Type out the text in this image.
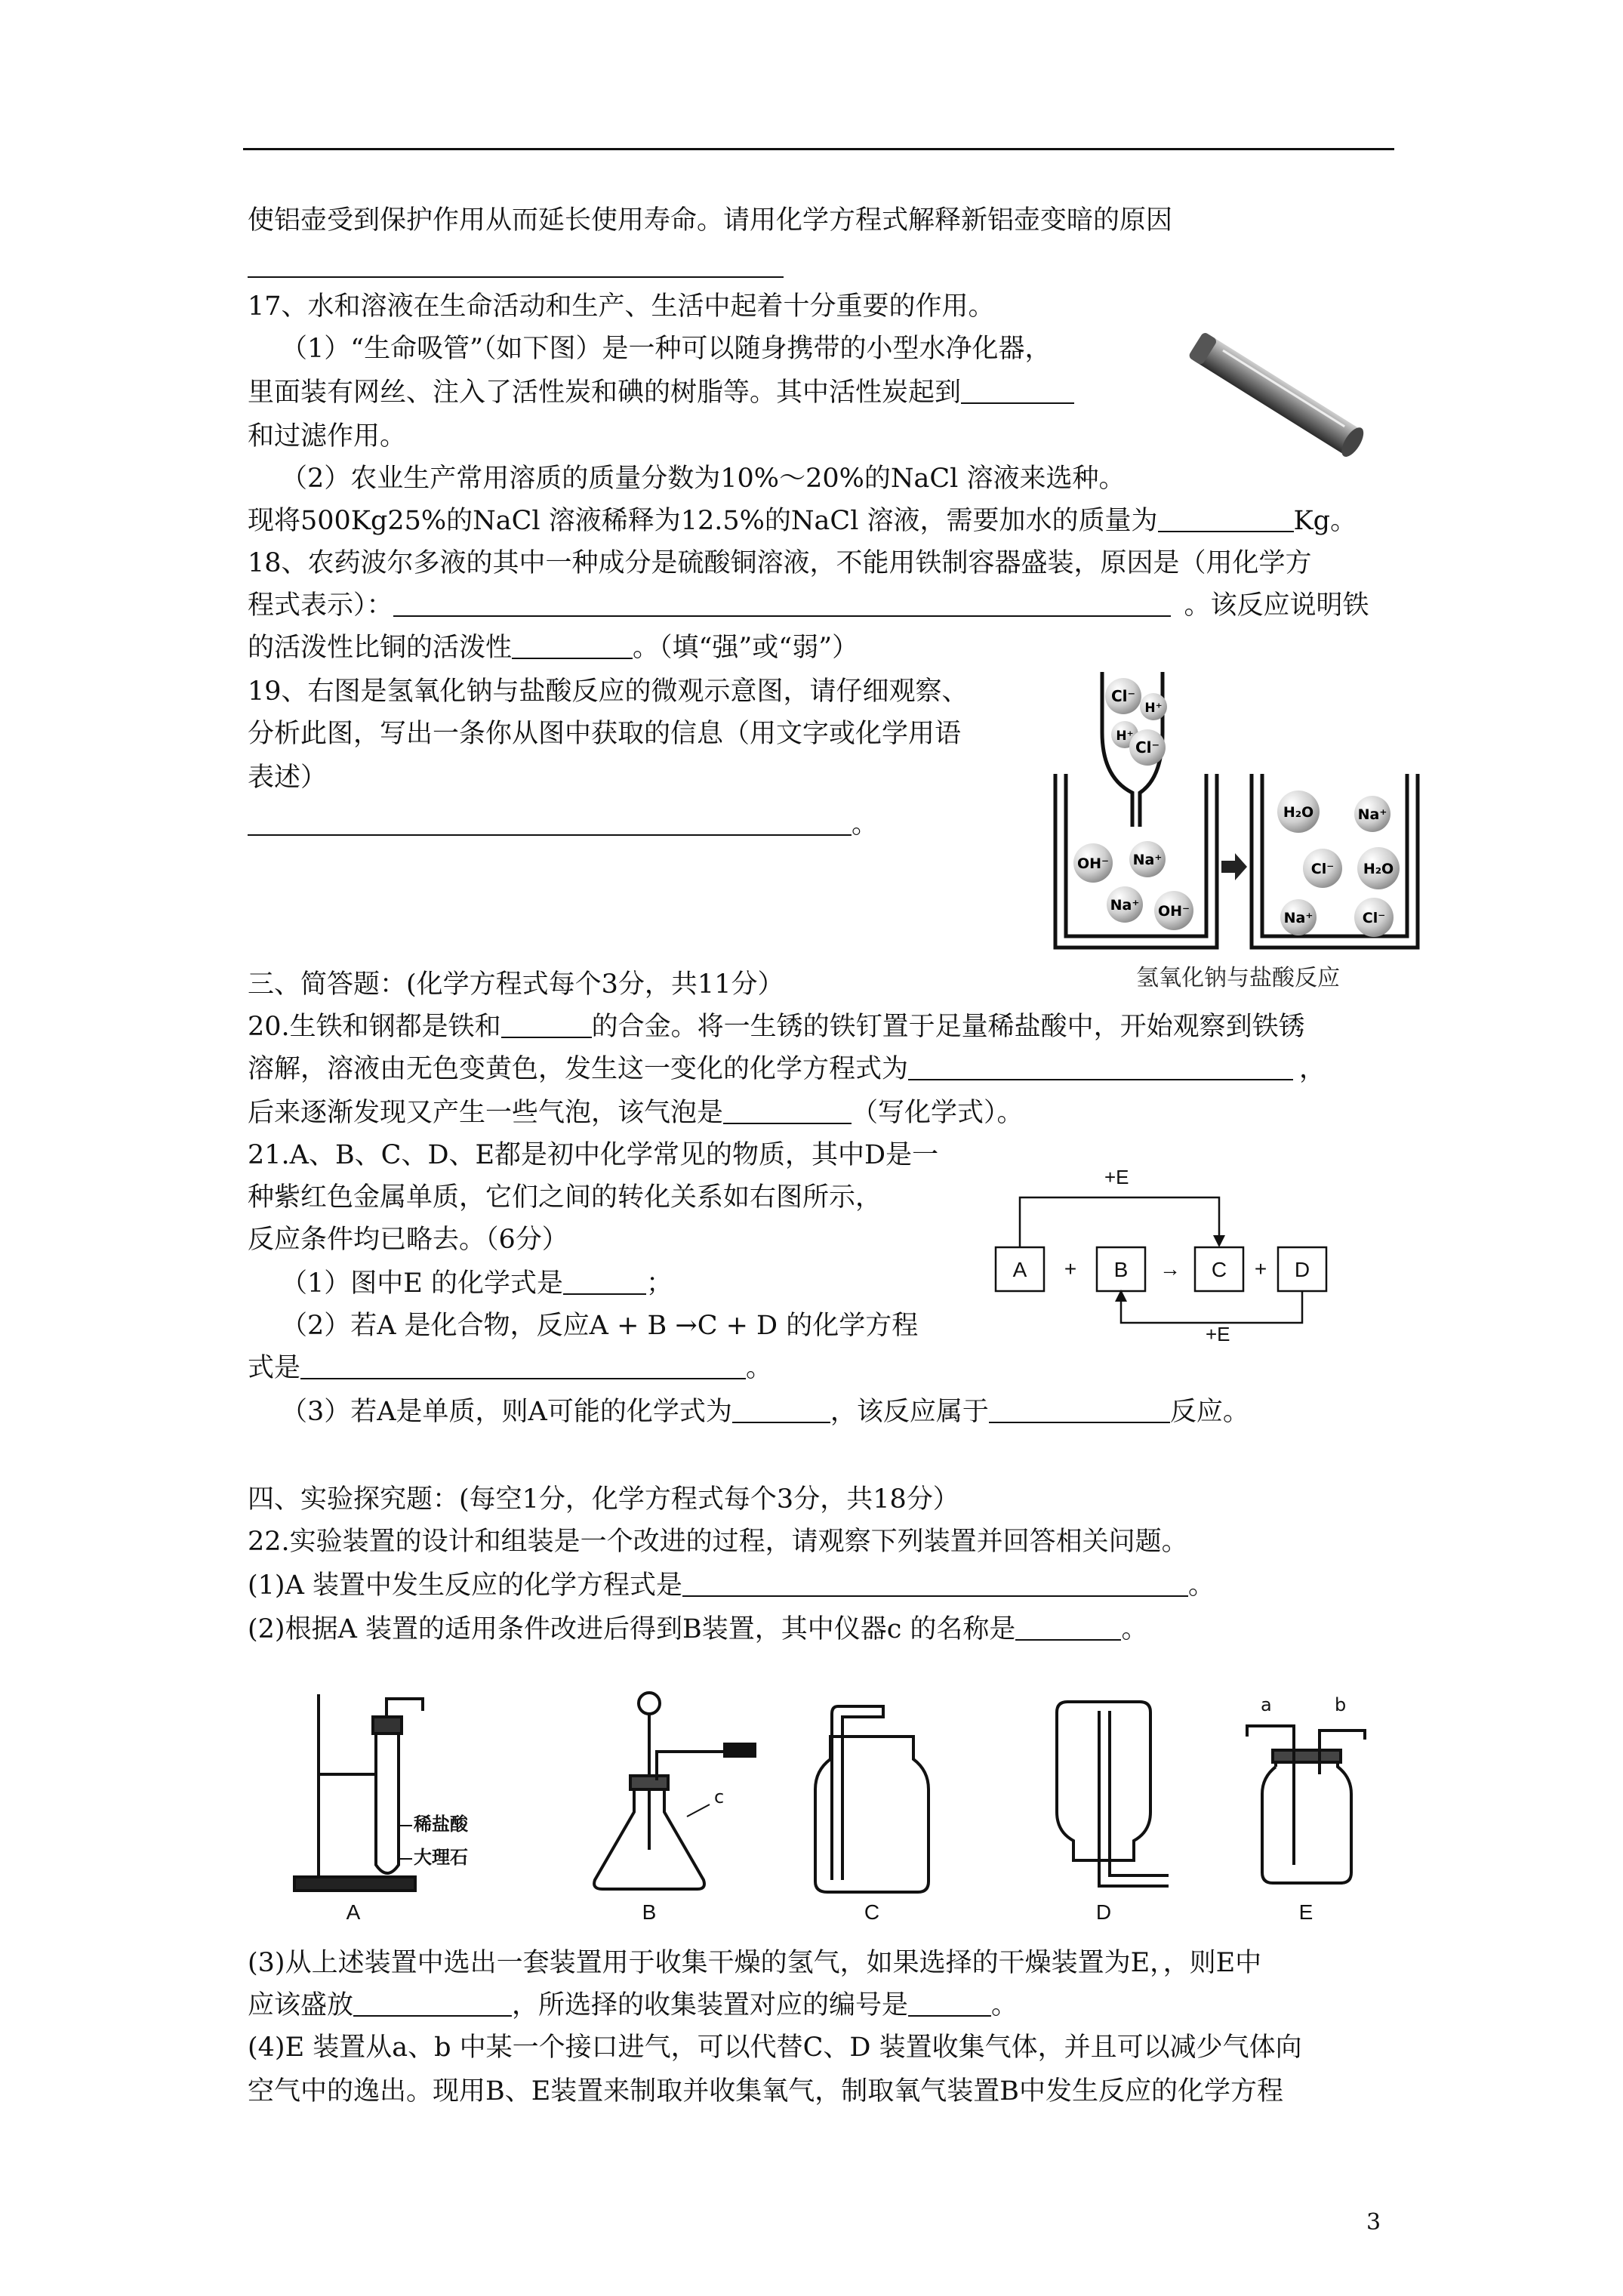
使铝壶受到保护作用从而延长使用寿命。请用化学方程式解释新铝壶变暗的原因
17、水和溶液在生命活动和生产、生活中起着十分重要的作用。
（1）“生命吸管”（如下图）是一种可以随身携带的小型水净化器，
里面装有网丝、注入了活性炭和碘的树脂等。其中活性炭起到
和过滤作用。
（2）农业生产常用溶质的质量分数为10%～20%的NaCl 溶液来选种。
现将500Kg25%的NaCl 溶液稀释为12.5%的NaCl 溶液，需要加水的质量为	Kg。
18、农药波尔多液的其中一种成分是硫酸铜溶液，不能用铁制容器盛装，原因是（用化学方
程式表示）：	。该反应说明铁
的活泼性比铜的活泼性	。（填“强”或“弱”）
19、右图是氢氧化钠与盐酸反应的微观示意图，请仔细观察、
分析此图，写出一条你从图中获取的信息（用文字或化学用语
表述）
。
Cl⁻
H⁺
H⁺
Cl⁻
OH⁻ Na⁺
Na⁺ OH⁻
H₂O	Na⁺
Cl⁻ H₂O
Na⁺	Cl⁻
氢氧化钠与盐酸反应
三、简答题：(化学方程式每个3分，共11分）
20.生铁和钢都是铁和	的合金。将一生锈的铁钉置于足量稀盐酸中，开始观察到铁锈
溶解，溶液由无色变黄色，发生这一变化的化学方程式为	，
后来逐渐发现又产生一些气泡，该气泡是	（写化学式）。
21.A、B、C、D、E都是初中化学常见的物质，其中D是一
种紫红色金属单质，它们之间的转化关系如右图所示，
反应条件均已略去。（6分）
（1）图中E 的化学式是	；
（2）若A 是化合物，反应A + B →C + D 的化学方程
式是	。
（3）若A是单质，则A可能的化学式为	，该反应属于	反应。
+E
+E
A	B	C	D
+	→	+
四、实验探究题：(每空1分，化学方程式每个3分，共18分）
22.实验装置的设计和组装是一个改进的过程，请观察下列装置并回答相关问题。
(1)A 装置中发生反应的化学方程式是	。
(2)根据A 装置的适用条件改进后得到B装置，其中仪器c 的名称是	。
稀盐酸
大理石
c
a	b
A	B	C	D	E
(3)从上述装置中选出一套装置用于收集干燥的氢气，如果选择的干燥装置为E，，则E中
应该盛放	，所选择的收集装置对应的编号是	。
(4)E 装置从a、b 中某一个接口进气，可以代替C、D 装置收集气体，并且可以减少气体向
空气中的逸出。现用B、E装置来制取并收集氧气，制取氧气装置B中发生反应的化学方程
3
